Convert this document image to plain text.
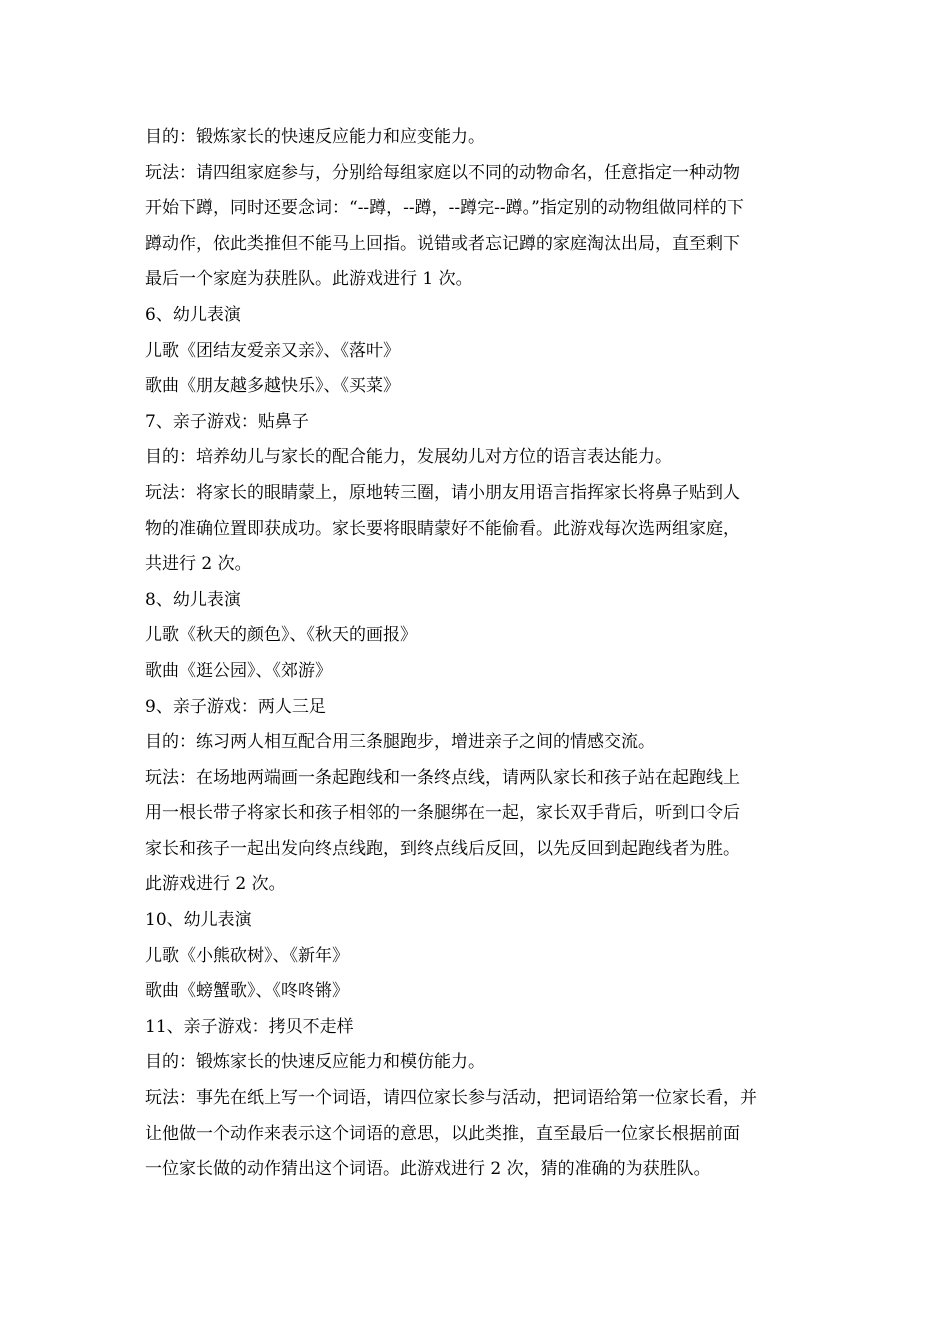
目的：锻炼家长的快速反应能力和应变能力。
玩法：请四组家庭参与，分别给每组家庭以不同的动物命名，任意指定一种动物
开始下蹲，同时还要念词：“--蹲，--蹲，--蹲完--蹲。”指定别的动物组做同样的下
蹲动作，依此类推但不能马上回指。说错或者忘记蹲的家庭淘汰出局，直至剩下
最后一个家庭为获胜队。此游戏进行 1 次。
6、幼儿表演
儿歌《团结友爱亲又亲》、《落叶》
歌曲《朋友越多越快乐》、《买菜》
7、亲子游戏：贴鼻子
目的：培养幼儿与家长的配合能力，发展幼儿对方位的语言表达能力。
玩法：将家长的眼睛蒙上，原地转三圈，请小朋友用语言指挥家长将鼻子贴到人
物的准确位置即获成功。家长要将眼睛蒙好不能偷看。此游戏每次选两组家庭，
共进行 2 次。
8、幼儿表演
儿歌《秋天的颜色》、《秋天的画报》
歌曲《逛公园》、《郊游》
9、亲子游戏：两人三足
目的：练习两人相互配合用三条腿跑步，增进亲子之间的情感交流。
玩法：在场地两端画一条起跑线和一条终点线，请两队家长和孩子站在起跑线上
用一根长带子将家长和孩子相邻的一条腿绑在一起，家长双手背后，听到口令后
家长和孩子一起出发向终点线跑，到终点线后反回，以先反回到起跑线者为胜。
此游戏进行 2 次。
10、幼儿表演
儿歌《小熊砍树》、《新年》
歌曲《螃蟹歌》、《咚咚锵》
11、亲子游戏：拷贝不走样
目的：锻炼家长的快速反应能力和模仿能力。
玩法：事先在纸上写一个词语，请四位家长参与活动，把词语给第一位家长看，并
让他做一个动作来表示这个词语的意思，以此类推，直至最后一位家长根据前面
一位家长做的动作猜出这个词语。此游戏进行 2 次，猜的准确的为获胜队。
